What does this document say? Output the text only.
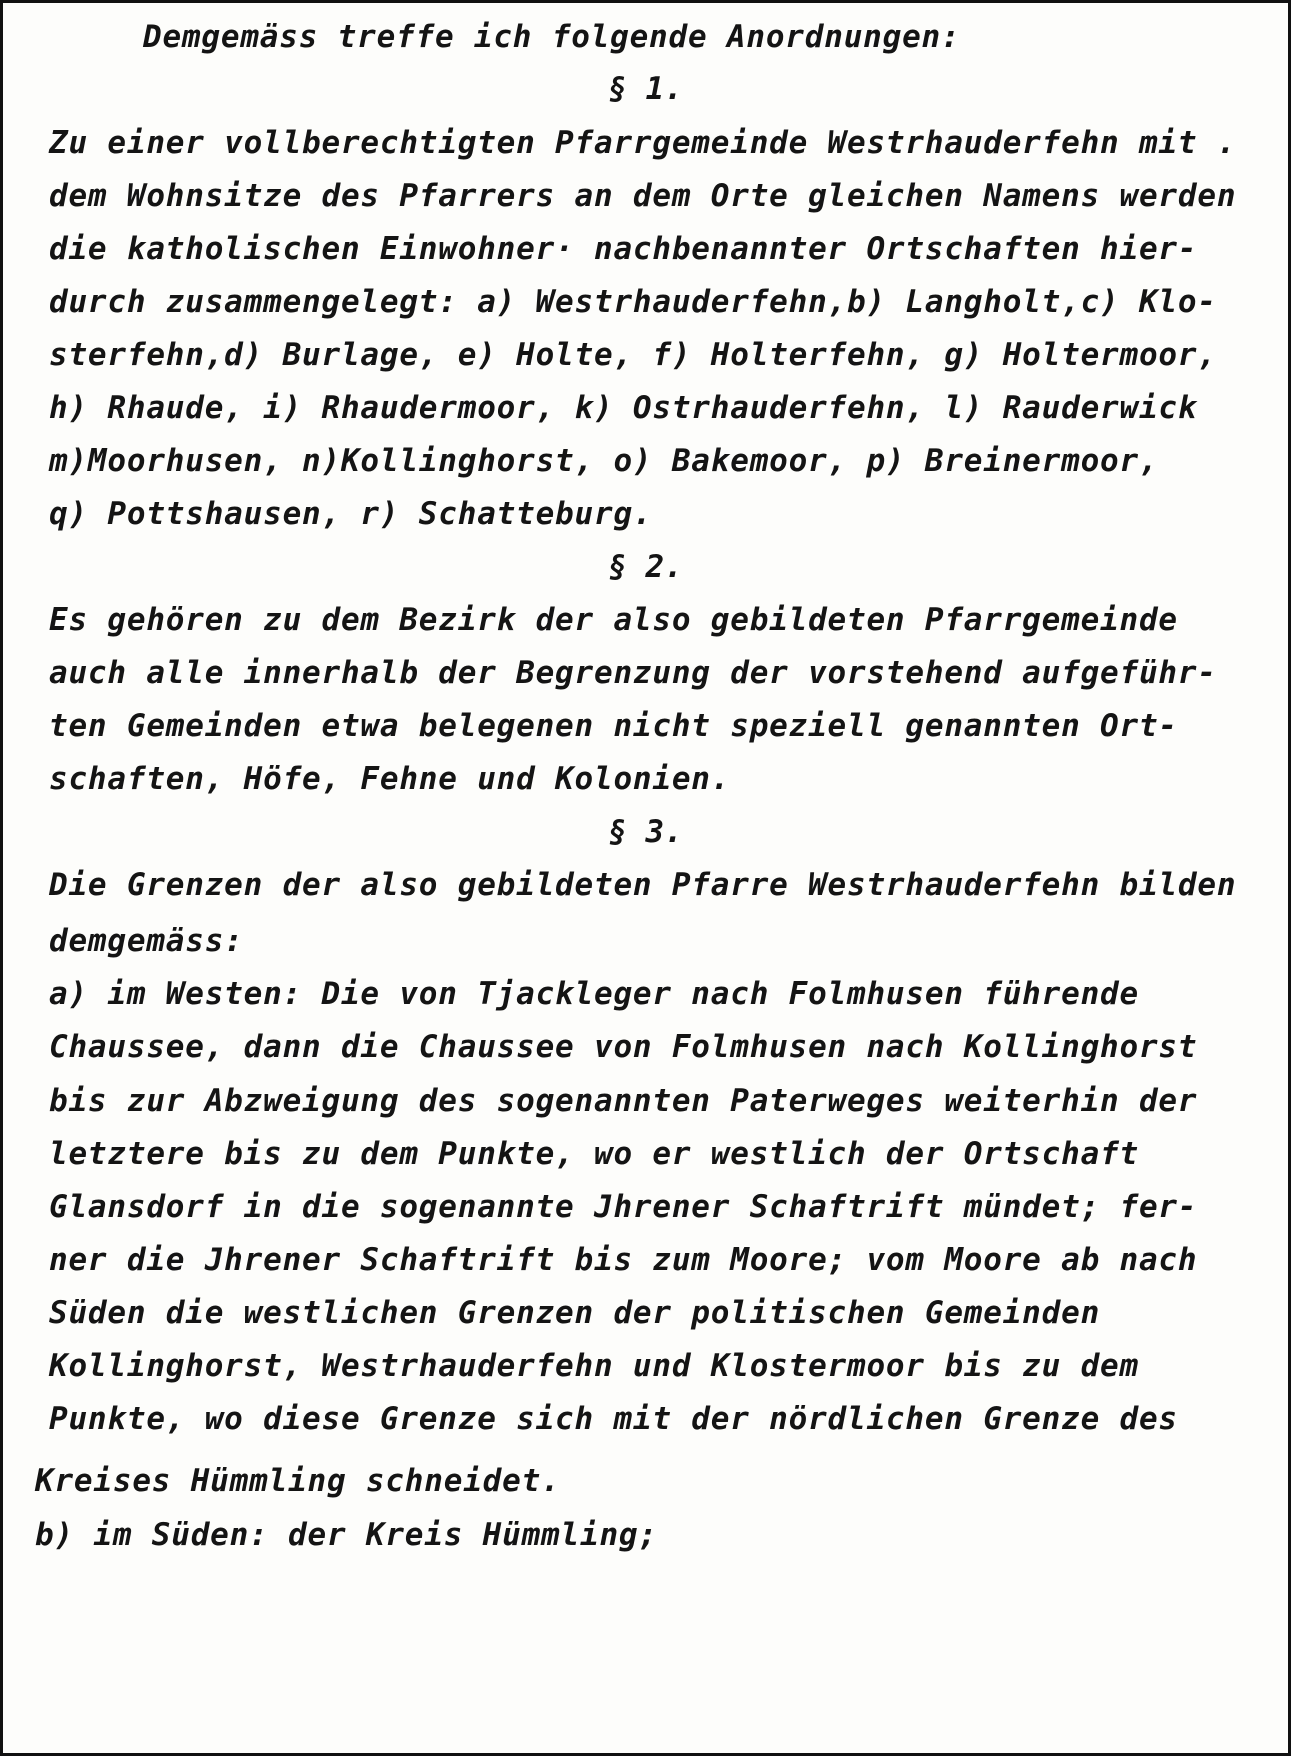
Demgemäss treffe ich folgende Anordnungen:
§ 1.
Zu einer vollberechtigten Pfarrgemeinde Westrhauderfehn mit .
dem Wohnsitze des Pfarrers an dem Orte gleichen Namens werden
die katholischen Einwohner· nachbenannter Ortschaften hier-
durch zusammengelegt: a) Westrhauderfehn,b) Langholt,c) Klo-
sterfehn,d) Burlage, e) Holte, f) Holterfehn, g) Holtermoor,
h) Rhaude, i) Rhaudermoor, k) Ostrhauderfehn, l) Rauderwick
m)Moorhusen, n)Kollinghorst, o) Bakemoor, p) Breinermoor,
q) Pottshausen, r) Schatteburg.
§ 2.
Es gehören zu dem Bezirk der also gebildeten Pfarrgemeinde
auch alle innerhalb der Begrenzung der vorstehend aufgeführ-
ten Gemeinden etwa belegenen nicht speziell genannten Ort-
schaften, Höfe, Fehne und Kolonien.
§ 3.
Die Grenzen der also gebildeten Pfarre Westrhauderfehn bilden
demgemäss:
a) im Westen: Die von Tjackleger nach Folmhusen führende
Chaussee, dann die Chaussee von Folmhusen nach Kollinghorst
bis zur Abzweigung des sogenannten Paterweges weiterhin der
letztere bis zu dem Punkte, wo er westlich der Ortschaft
Glansdorf in die sogenannte Jhrener Schaftrift mündet; fer-
ner die Jhrener Schaftrift bis zum Moore; vom Moore ab nach
Süden die westlichen Grenzen der politischen Gemeinden
Kollinghorst, Westrhauderfehn und Klostermoor bis zu dem
Punkte, wo diese Grenze sich mit der nördlichen Grenze des
Kreises Hümmling schneidet.
b) im Süden: der Kreis Hümmling;
